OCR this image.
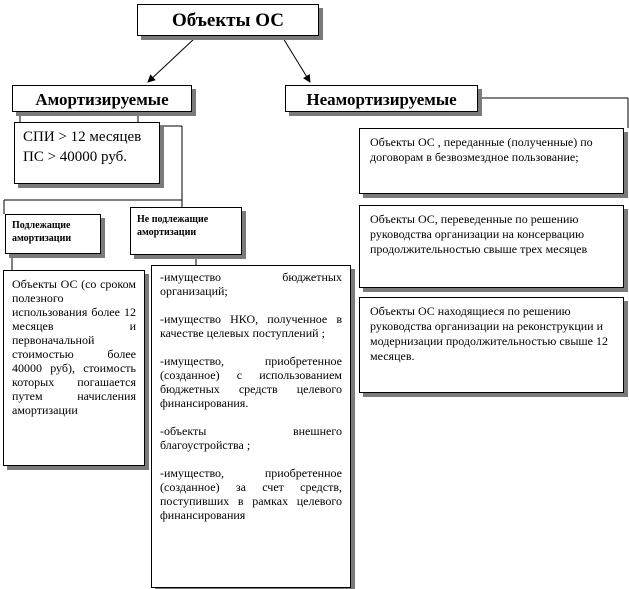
Объекты ОС
Амортизируемые	Неамортизируемые
СПИ > 12 месяцев
ПС > 40000 руб.
Подлежащие амортизации
Не подлежащие амортизации
Объекты ОС (со сроком полезного использования более 12 месяцев и первоначальной стоимостью более 40000 руб), стоимость которых погашается путем начисления амортизации

-имущество бюджетных организаций;

-имущество НКО, полученное в качестве целевых поступлений ;

-имущество, приобретенное (созданное) с использованием бюджетных средств целевого финансирования.

-объекты внешнего благоустройства ;

-имущество, приобретенное (созданное) за счет средств, поступивших в рамках целевого финансирования

Объекты ОС , переданные (полученные) по договорам в безвозмездное пользование;
Объекты ОС, переведенные по решению руководства организации на консервацию продолжительностью свыше трех месяцев
Объекты ОС находящиеся по решению руководства организации на реконструкции и модернизации продолжительностью свыше 12 месяцев.
